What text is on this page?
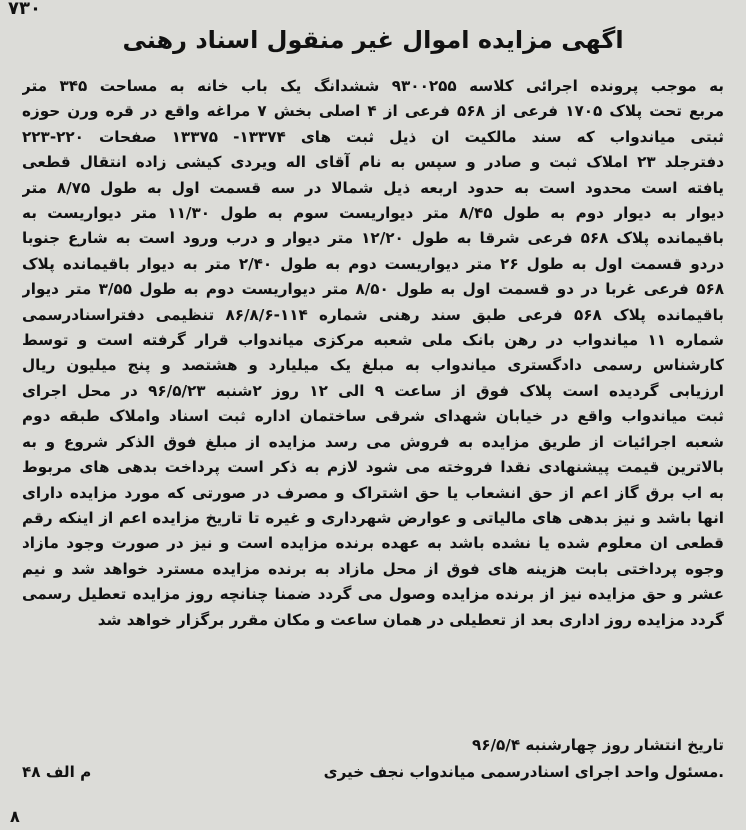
۷۳۰
اگهی مزایده اموال غیر منقول اسناد رهنی
به موجب پرونده اجرائی کلاسه ۹۳۰۰۲۵۵ ششدانگ یک باب خانه به مساحت ۳۴۵ متر
مربع تحت پلاک ۱۷۰۵ فرعی از ۵۶۸ فرعی از ۴ اصلی بخش ۷ مراغه واقع در قره ورن حوزه
ثبتی میاندواب که سند مالکیت ان ذیل ثبت های ۱۳۳۷۴- ۱۳۳۷۵ صفحات ۲۲۰-۲۲۳
دفترجلد ۲۳ املاک ثبت و صادر و سپس به نام آقای اله ویردی کیشی زاده انتقال قطعی
یافته است محدود است به حدود اربعه ذیل شمالا در سه قسمت اول به طول ۸/۷۵ متر
دیوار به دیوار دوم به طول ۸/۴۵ متر دیواریست سوم به طول ۱۱/۳۰ متر دیواریست به
باقیمانده پلاک ۵۶۸ فرعی شرقا به طول ۱۲/۲۰ متر دیوار و درب ورود است به شارع جنوبا
دردو قسمت اول به طول ۲۶ متر دیواریست دوم به طول ۲/۴۰ متر به دیوار باقیمانده پلاک
۵۶۸ فرعی غربا در دو قسمت اول به طول ۸/۵۰ متر دیواریست دوم به طول ۳/۵۵ متر دیوار
باقیمانده پلاک ۵۶۸ فرعی طبق سند رهنی شماره ۱۱۴-۸۶/۸/۶ تنظیمی دفتراسنادرسمی
شماره ۱۱ میاندواب در رهن بانک ملی شعبه مرکزی میاندواب قرار گرفته است و توسط
کارشناس رسمی دادگستری میاندواب به مبلغ یک میلیارد و هشتصد و پنج میلیون ریال
ارزیابی گردیده است پلاک فوق از ساعت ۹ الی ۱۲ روز ۲شنبه ۹۶/۵/۲۳ در محل اجرای
ثبت میاندواب واقع در خیابان شهدای شرقی ساختمان اداره ثبت اسناد واملاک طبقه دوم
شعبه اجرائیات از طریق مزایده به فروش می رسد مزایده از مبلغ فوق الذکر شروع و به
بالاترین قیمت پیشنهادی نقدا فروخته می شود لازم به ذکر است پرداخت بدهی های مربوط
به اب برق گاز اعم از حق انشعاب یا حق اشتراک و مصرف در صورتی که مورد مزایده دارای
انها باشد و نیز بدهی های مالیاتی و عوارض شهرداری و غیره تا تاریخ مزایده اعم از اینکه رقم
قطعی ان معلوم شده یا نشده باشد به عهده برنده مزایده است و نیز در صورت وجود مازاد
وجوه پرداختی بابت هزینه های فوق از محل مازاد به برنده مزایده مسترد خواهد شد و نیم
عشر و حق مزایده نیز از برنده مزایده وصول می گردد ضمنا چنانچه روز مزایده تعطیل رسمی
گردد مزایده روز اداری بعد از تعطیلی در همان ساعت و مکان مقرر برگزار خواهد شد
تاریخ انتشار روز چهارشنبه ۹۶/۵/۴
.مسئول واحد اجرای اسنادرسمی میاندواب نجف خیری
م الف ۴۸
۸
